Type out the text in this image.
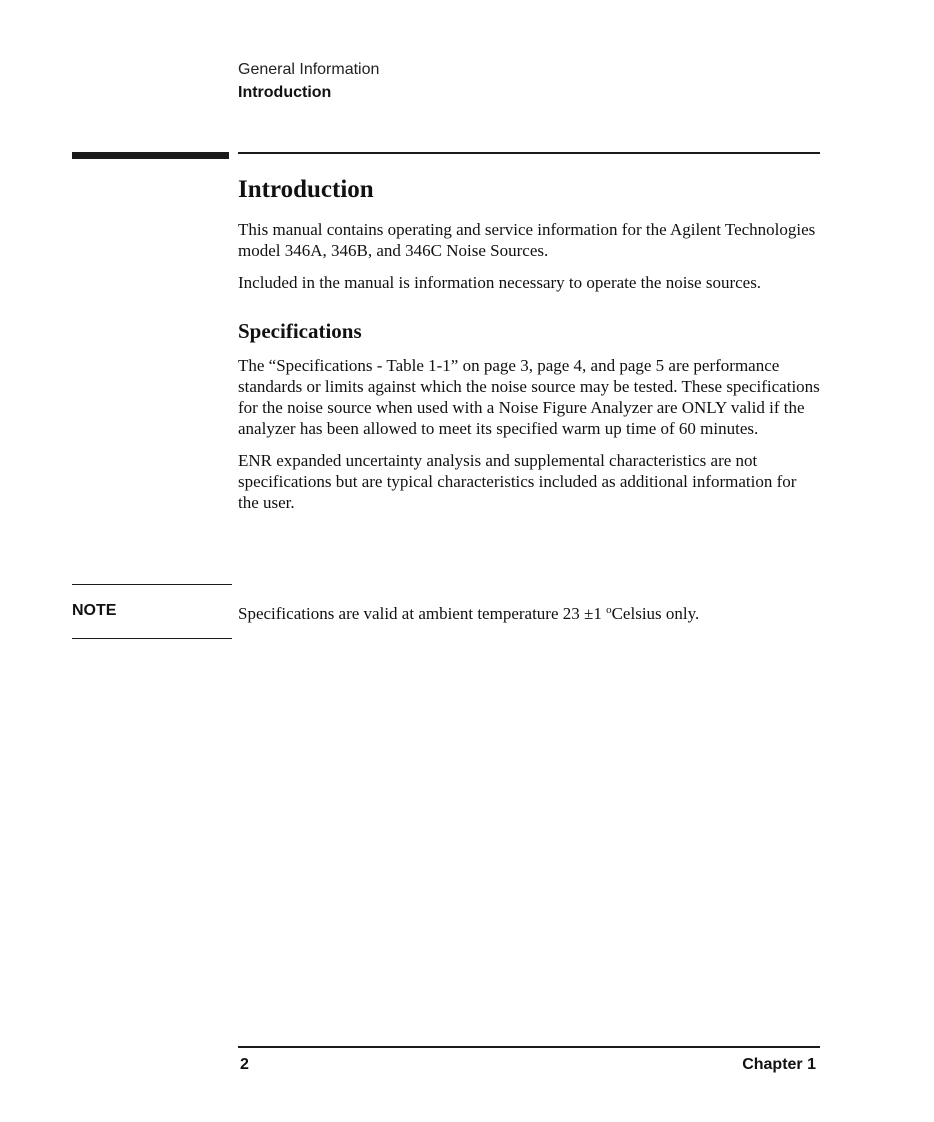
General Information
Introduction
Introduction

This manual contains operating and service information for the Agilent Technologies model 346A, 346B, and 346C Noise Sources.

Included in the manual is information necessary to operate the noise sources.

Specifications

The “Specifications - Table 1-1” on page 3, page 4, and page 5 are performance standards or limits against which the noise source may be tested. These specifications for the noise source when used with a Noise Figure Analyzer are ONLY valid if the analyzer has been allowed to meet its specified warm up time of 60 minutes.

ENR expanded uncertainty analysis and supplemental characteristics are not specifications but are typical characteristics included as additional information for the user.

NOTE	Specifications are valid at ambient temperature 23 ±1 $^o$Celsius only.
2	Chapter 1
